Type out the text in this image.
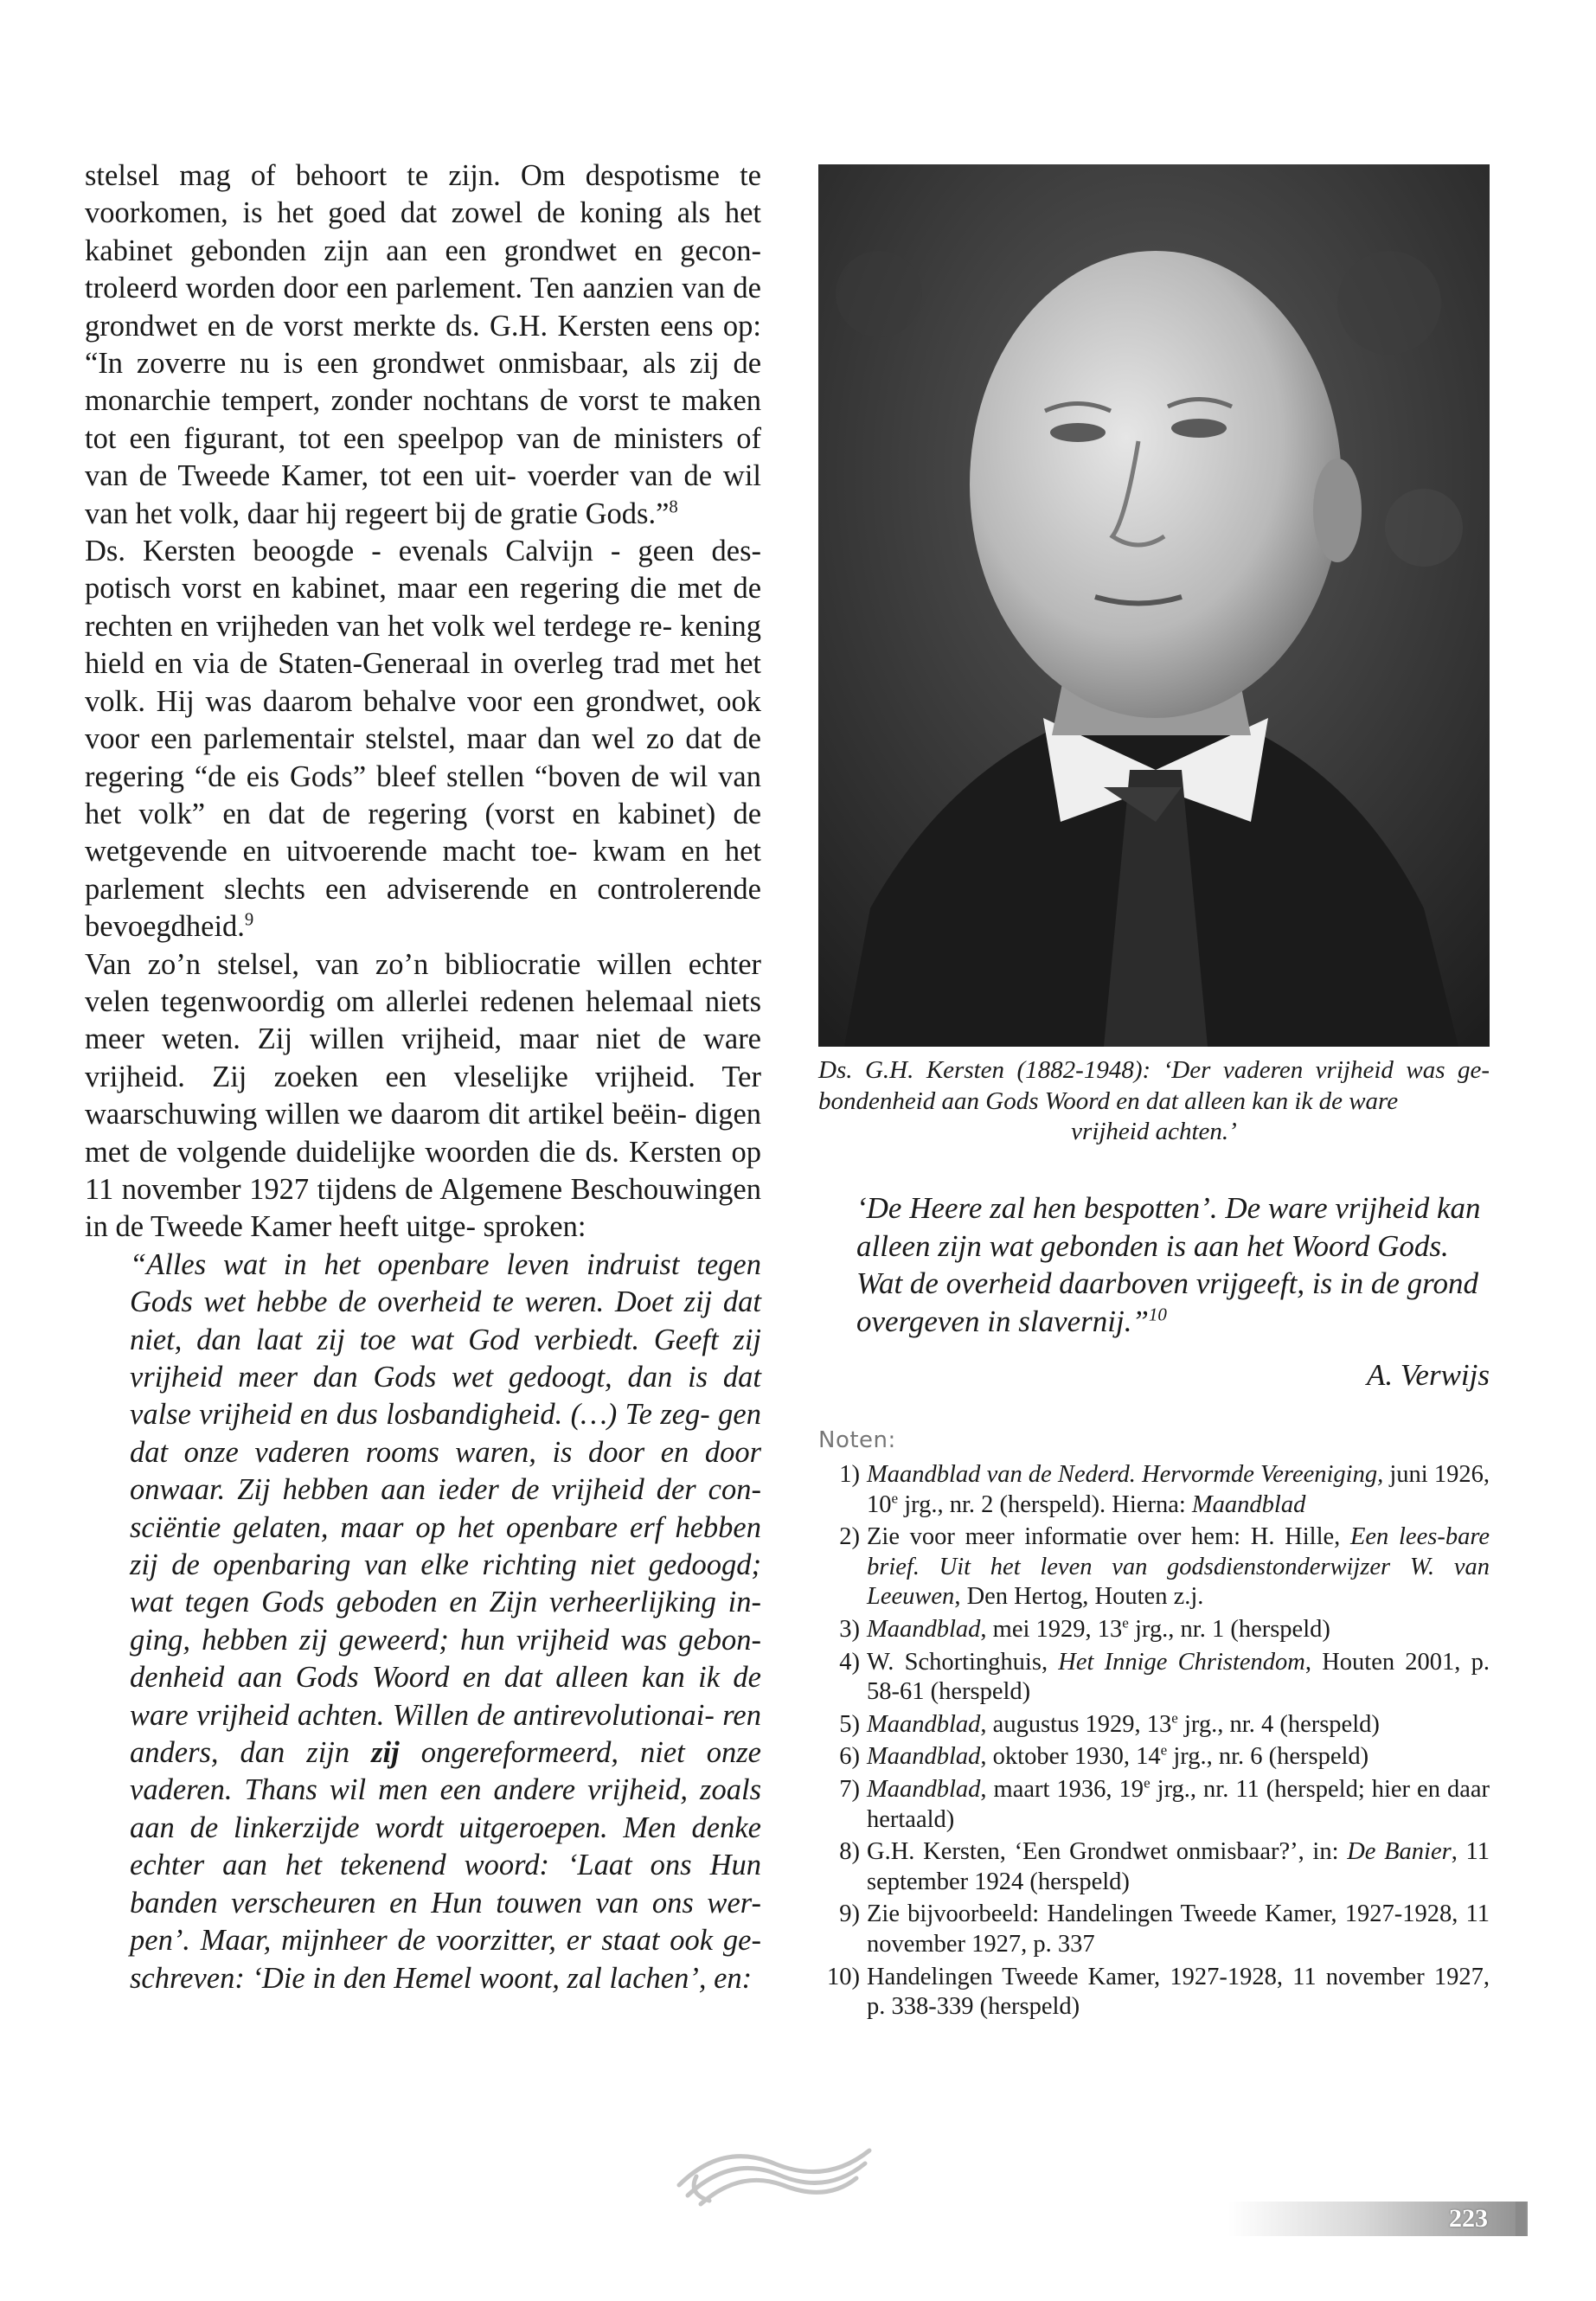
stelsel mag of behoort te zijn. Om despotisme te voorkomen, is het goed dat zowel de koning als het kabinet gebonden zijn aan een grondwet en gecon- troleerd worden door een parlement. Ten aanzien van de grondwet en de vorst merkte ds. G.H. Kersten eens op: “In zoverre nu is een grondwet onmisbaar, als zij de monarchie tempert, zonder nochtans de vorst te maken tot een figurant, tot een speelpop van de ministers of van de Tweede Kamer, tot een uit- voerder van de wil van het volk, daar hij regeert bij de gratie Gods.”$^8$

Ds. Kersten beoogde - evenals Calvijn - geen des- potisch vorst en kabinet, maar een regering die met de rechten en vrijheden van het volk wel terdege re- kening hield en via de Staten-Generaal in overleg trad met het volk. Hij was daarom behalve voor een grondwet, ook voor een parlementair stelstel, maar dan wel zo dat de regering “de eis Gods” bleef stellen “boven de wil van het volk” en dat de regering (vorst en kabinet) de wetgevende en uitvoerende macht toe- kwam en het parlement slechts een adviserende en controlerende bevoegdheid.$^9$

Van zo’n stelsel, van zo’n bibliocratie willen echter velen tegenwoordig om allerlei redenen helemaal niets meer weten. Zij willen vrijheid, maar niet de ware vrijheid. Zij zoeken een vleselijke vrijheid. Ter waarschuwing willen we daarom dit artikel beëin- digen met de volgende duidelijke woorden die ds. Kersten op 11 november 1927 tijdens de Algemene Beschouwingen in de Tweede Kamer heeft uitge- sproken:

“Alles wat in het openbare leven indruist tegen Gods wet hebbe de overheid te weren. Doet zij dat niet, dan laat zij toe wat God verbiedt. Geeft zij vrijheid meer dan Gods wet gedoogt, dan is dat valse vrijheid en dus losbandigheid. (…) Te zeg- gen dat onze vaderen rooms waren, is door en door onwaar. Zij hebben aan ieder de vrijheid der con- sciëntie gelaten, maar op het openbare erf hebben zij de openbaring van elke richting niet gedoogd; wat tegen Gods geboden en Zijn verheerlijking in- ging, hebben zij geweerd; hun vrijheid was gebon- denheid aan Gods Woord en dat alleen kan ik de ware vrijheid achten. Willen de antirevolutionai- ren anders, dan zijn zij ongereformeerd, niet onze vaderen. Thans wil men een andere vrijheid, zoals aan de linkerzijde wordt uitgeroepen. Men denke echter aan het tekenend woord: ‘Laat ons Hun banden verscheuren en Hun touwen van ons wer- pen’. Maar, mijnheer de voorzitter, er staat ook ge- schreven: ‘Die in den Hemel woont, zal lachen’, en:

Ds. G.H. Kersten (1882-1948): ‘Der vaderen vrijheid was ge- bondenheid aan Gods Woord en dat alleen kan ik de ware
vrijheid achten.’
‘De Heere zal hen bespotten’. De ware vrijheid kan
alleen zijn wat gebonden is aan het Woord Gods.
Wat de overheid daarboven vrijgeeft, is in de grond
overgeven in slavernij.”$^{10}$
A. Verwijs
Noten:
1) Maandblad van de Nederd. Hervormde Vereeniging, juni 1926, 10e jrg., nr. 2 (herspeld). Hierna: Maandblad
2) Zie voor meer informatie over hem: H. Hille, Een lees-bare brief. Uit het leven van godsdienstonderwijzer W. van Leeuwen, Den Hertog, Houten z.j.
3) Maandblad, mei 1929, 13e jrg., nr. 1 (herspeld)
4) W. Schortinghuis, Het Innige Christendom, Houten 2001, p. 58-61 (herspeld)
5) Maandblad, augustus 1929, 13e jrg., nr. 4 (herspeld)
6) Maandblad, oktober 1930, 14e jrg., nr. 6 (herspeld)
7) Maandblad, maart 1936, 19e jrg., nr. 11 (herspeld; hier en daar hertaald)
8) G.H. Kersten, ‘Een Grondwet onmisbaar?’, in: De Banier, 11 september 1924 (herspeld)
9) Zie bijvoorbeeld: Handelingen Tweede Kamer, 1927-1928, 11 november 1927, p. 337
10) Handelingen Tweede Kamer, 1927-1928, 11 november 1927, p. 338-339 (herspeld)
223
